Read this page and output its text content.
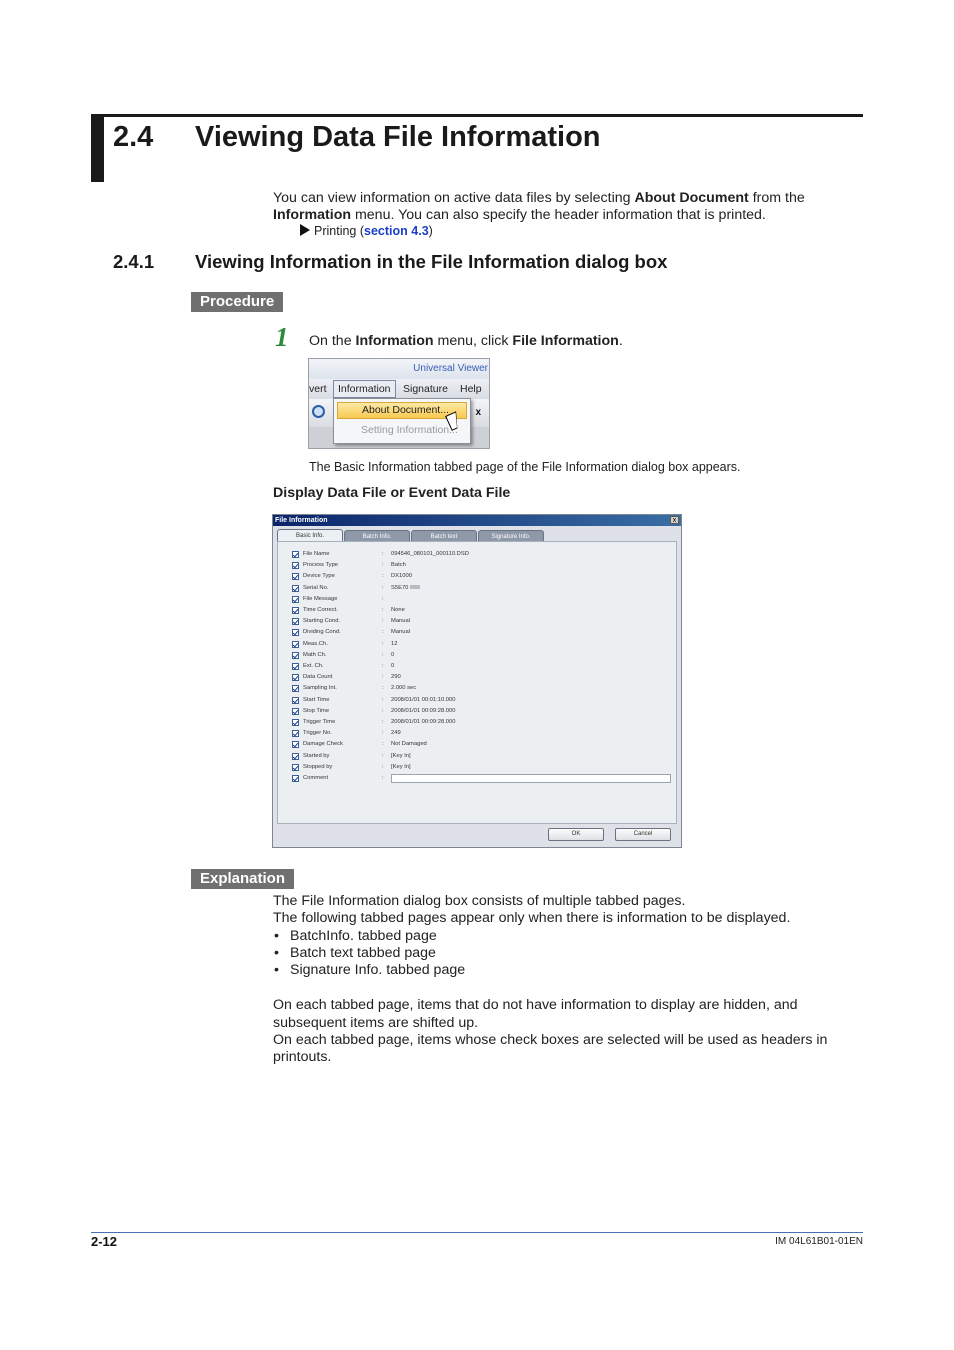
2.4 Viewing Data File Information
You can view information on active data files by selecting About Document from the
Information menu. You can also specify the header information that is printed.
Printing (section 4.3)
2.4.1 Viewing Information in the File Information dialog box
Procedure
1 On the Information menu, click File Information.
Universal Viewer
vert	Information	Signature Help
x
About Document...
Setting Information...
The Basic Information tabbed page of the File Information dialog box appears.
Display Data File or Event Data File
File Information	x
Basic Info.	Batch Info.	Batch text	Signature Info.
File Name	: 094546_080101_000110.DSD
Process Type	: Batch
Device Type	: DX1000
Serial No.	: S5E70
File Message	:
Time Correct.	: None
Starting Cond.	: Manual
Dividing Cond.	: Manual
Meas.Ch.	: 12
Math Ch.	: 0
Ext. Ch.	: 0
Data Count	: 290
Sampling Int.	: 2.000 sec
Start Time	: 2008/01/01 00:01:10.000
Stop Time	: 2008/01/01 00:09:28.000
Trigger Time	: 2008/01/01 00:09:28.000
Trigger No.	: 249
Damage Check	: Not Damaged
Started by	: [Key In]
Stopped by	: [Key In]
Comment	:
OK	Cancel
Explanation

The File Information dialog box consists of multiple tabbed pages.

The following tabbed pages appear only when there is information to be displayed.

• BatchInfo. tabbed page
• Batch text tabbed page
• Signature Info. tabbed page

On each tabbed page, items that do not have information to display are hidden, and subsequent items are shifted up.

On each tabbed page, items whose check boxes are selected will be used as headers in printouts.

2-12	IM 04L61B01-01EN
